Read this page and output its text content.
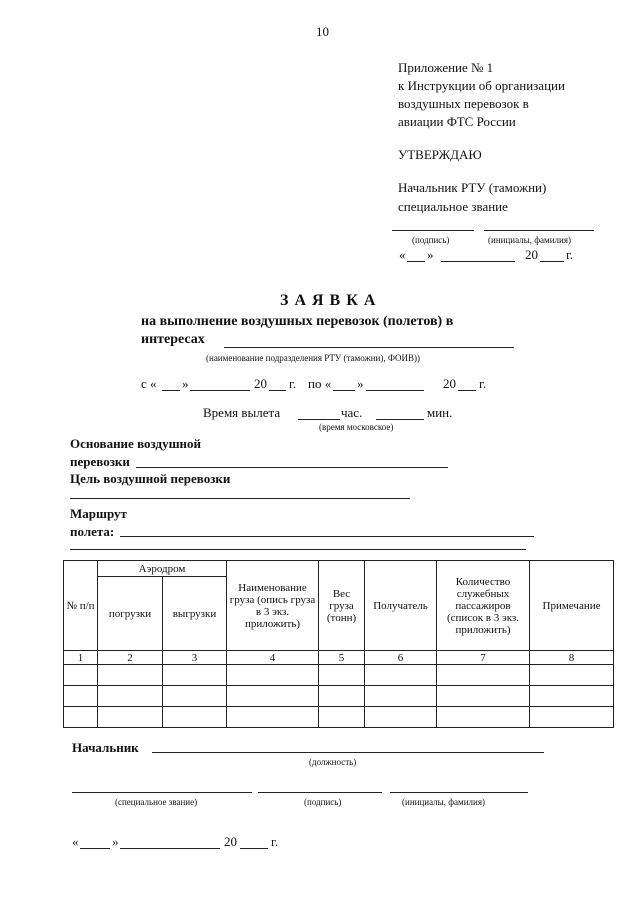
10
Приложение № 1
к Инструкции об организации
воздушных перевозок в
авиации ФТС России
УТВЕРЖДАЮ
Начальник РТУ (таможни)
специальное звание
(подпись)	(инициалы, фамилия)
« »	20 г.
З А Я В К А
на выполнение воздушных перевозок (полетов) в
интересах
(наименование подразделения РТУ (таможни), ФОИВ))
с « »	20 г. по « »	20 г.
Время вылета	час.	мин.
(время московское)
Основание воздушной
перевозки
Цель воздушной перевозки
Маршрут
полета:
№ п/п	Аэродром		Наименование груза (опись груза в 3 экз. приложить)	Вес груза (тонн)	Получатель	Количество служебных пассажиров (список в 3 экз. приложить)	Примечание
	погрузки	выгрузки					
1	2	3	4	5	6	7	8

Начальник
(должность)
(специальное звание)	(подпись)	(инициалы, фамилия)
«	»	20	г.
